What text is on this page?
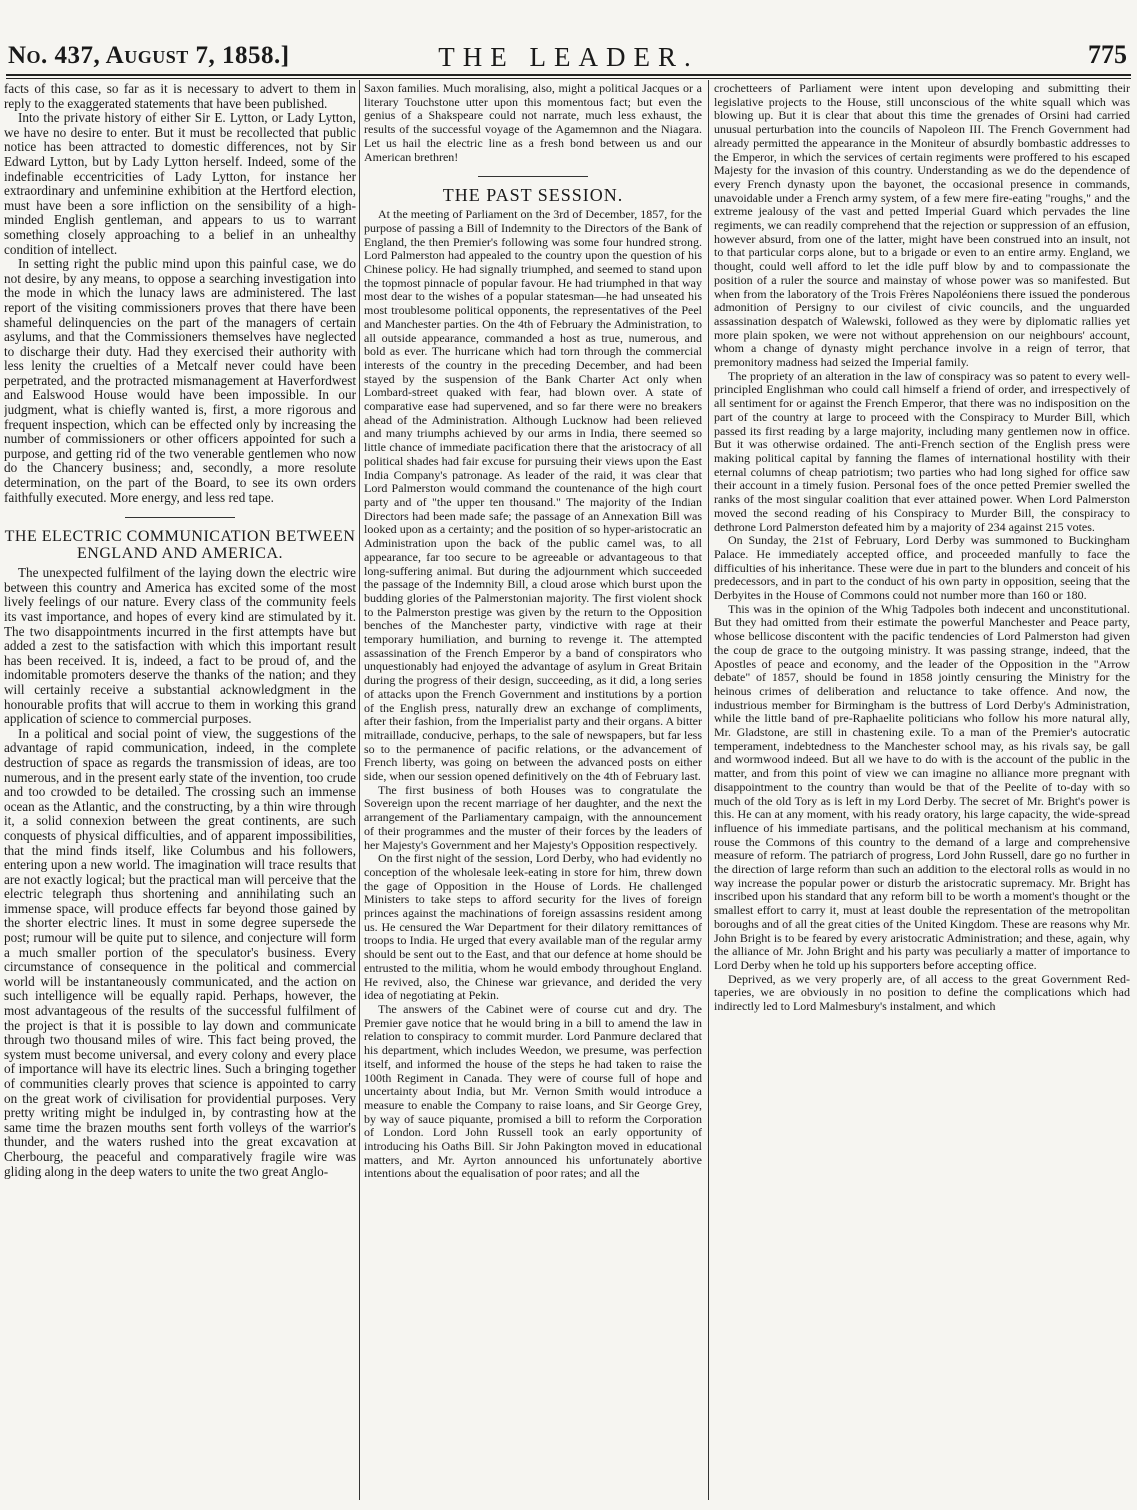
No. 437, August 7, 1858.]	THE LEADER.	775

facts of this case, so far as it is necessary to advert to them in reply to the exaggerated statements that have been published.

Into the private history of either Sir E. Lytton, or Lady Lytton, we have no desire to enter. But it must be recollected that public notice has been attracted to domestic differences, not by Sir Edward Lytton, but by Lady Lytton herself. Indeed, some of the indefinable eccentricities of Lady Lytton, for instance her extraordinary and unfeminine exhibition at the Hertford election, must have been a sore infliction on the sensibility of a high-minded English gentleman, and appears to us to warrant something closely approaching to a belief in an unhealthy condition of intellect.

In setting right the public mind upon this painful case, we do not desire, by any means, to oppose a searching investigation into the mode in which the lunacy laws are administered. The last report of the visiting commissioners proves that there have been shameful delinquencies on the part of the managers of certain asylums, and that the Commissioners themselves have neglected to discharge their duty. Had they exercised their authority with less lenity the cruelties of a Metcalf never could have been perpetrated, and the protracted mismanagement at Haverfordwest and Ealswood House would have been impossible. In our judgment, what is chiefly wanted is, first, a more rigorous and frequent inspection, which can be effected only by increasing the number of commissioners or other officers appointed for such a purpose, and getting rid of the two venerable gentlemen who now do the Chancery business; and, secondly, a more resolute determination, on the part of the Board, to see its own orders faithfully executed. More energy, and less red tape.

THE ELECTRIC COMMUNICATION BETWEEN ENGLAND AND AMERICA.

The unexpected fulfilment of the laying down the electric wire between this country and America has excited some of the most lively feelings of our nature. Every class of the community feels its vast importance, and hopes of every kind are stimulated by it. The two disappointments incurred in the first attempts have but added a zest to the satisfaction with which this important result has been received. It is, indeed, a fact to be proud of, and the indomitable promoters deserve the thanks of the nation; and they will certainly receive a substantial acknowledgment in the honourable profits that will accrue to them in working this grand application of science to commercial purposes.

In a political and social point of view, the suggestions of the advantage of rapid communication, indeed, in the complete destruction of space as regards the transmission of ideas, are too numerous, and in the present early state of the invention, too crude and too crowded to be detailed. The crossing such an immense ocean as the Atlantic, and the constructing, by a thin wire through it, a solid connexion between the great continents, are such conquests of physical difficulties, and of apparent impossibilities, that the mind finds itself, like Columbus and his followers, entering upon a new world. The imagination will trace results that are not exactly logical; but the practical man will perceive that the electric telegraph thus shortening and annihilating such an immense space, will produce effects far beyond those gained by the shorter electric lines. It must in some degree supersede the post; rumour will be quite put to silence, and conjecture will form a much smaller portion of the speculator's business. Every circumstance of consequence in the political and commercial world will be instantaneously communicated, and the action on such intelligence will be equally rapid. Perhaps, however, the most advantageous of the results of the successful fulfilment of the project is that it is possible to lay down and communicate through two thousand miles of wire. This fact being proved, the system must become universal, and every colony and every place of importance will have its electric lines. Such a bringing together of communities clearly proves that science is appointed to carry on the great work of civilisation for providential purposes. Very pretty writing might be indulged in, by contrasting how at the same time the brazen mouths sent forth volleys of the warrior's thunder, and the waters rushed into the great excavation at Cherbourg, the peaceful and comparatively fragile wire was gliding along in the deep waters to unite the two great Anglo-

Saxon families. Much moralising, also, might a political Jacques or a literary Touchstone utter upon this momentous fact; but even the genius of a Shakspeare could not narrate, much less exhaust, the results of the successful voyage of the Agamemnon and the Niagara. Let us hail the electric line as a fresh bond between us and our American brethren!

THE PAST SESSION.

At the meeting of Parliament on the 3rd of December, 1857, for the purpose of passing a Bill of Indemnity to the Directors of the Bank of England, the then Premier's following was some four hundred strong. Lord Palmerston had appealed to the country upon the question of his Chinese policy. He had signally triumphed, and seemed to stand upon the topmost pinnacle of popular favour. He had triumphed in that way most dear to the wishes of a popular statesman—he had unseated his most troublesome political opponents, the representatives of the Peel and Manchester parties. On the 4th of February the Administration, to all outside appearance, commanded a host as true, numerous, and bold as ever. The hurricane which had torn through the commercial interests of the country in the preceding December, and had been stayed by the suspension of the Bank Charter Act only when Lombard-street quaked with fear, had blown over. A state of comparative ease had supervened, and so far there were no breakers ahead of the Administration. Although Lucknow had been relieved and many triumphs achieved by our arms in India, there seemed so little chance of immediate pacification there that the aristocracy of all political shades had fair excuse for pursuing their views upon the East India Company's patronage. As leader of the raid, it was clear that Lord Palmerston would command the countenance of the high court party and of "the upper ten thousand." The majority of the Indian Directors had been made safe; the passage of an Annexation Bill was looked upon as a certainty; and the position of so hyper-aristocratic an Administration upon the back of the public camel was, to all appearance, far too secure to be agreeable or advantageous to that long-suffering animal. But during the adjournment which succeeded the passage of the Indemnity Bill, a cloud arose which burst upon the budding glories of the Palmerstonian majority. The first violent shock to the Palmerston prestige was given by the return to the Opposition benches of the Manchester party, vindictive with rage at their temporary humiliation, and burning to revenge it. The attempted assassination of the French Emperor by a band of conspirators who unquestionably had enjoyed the advantage of asylum in Great Britain during the progress of their design, succeeding, as it did, a long series of attacks upon the French Government and institutions by a portion of the English press, naturally drew an exchange of compliments, after their fashion, from the Imperialist party and their organs. A bitter mitraillade, conducive, perhaps, to the sale of newspapers, but far less so to the permanence of pacific relations, or the advancement of French liberty, was going on between the advanced posts on either side, when our session opened definitively on the 4th of February last.

The first business of both Houses was to congratulate the Sovereign upon the recent marriage of her daughter, and the next the arrangement of the Parliamentary campaign, with the announcement of their programmes and the muster of their forces by the leaders of her Majesty's Government and her Majesty's Opposition respectively.

On the first night of the session, Lord Derby, who had evidently no conception of the wholesale leek-eating in store for him, threw down the gage of Opposition in the House of Lords. He challenged Ministers to take steps to afford security for the lives of foreign princes against the machinations of foreign assassins resident among us. He censured the War Department for their dilatory remittances of troops to India. He urged that every available man of the regular army should be sent out to the East, and that our defence at home should be entrusted to the militia, whom he would embody throughout England. He revived, also, the Chinese war grievance, and derided the very idea of negotiating at Pekin.

The answers of the Cabinet were of course cut and dry. The Premier gave notice that he would bring in a bill to amend the law in relation to conspiracy to commit murder. Lord Panmure declared that his department, which includes Weedon, we presume, was perfection itself, and informed the house of the steps he had taken to raise the 100th Regiment in Canada. They were of course full of hope and uncertainty about India, but Mr. Vernon Smith would introduce a measure to enable the Company to raise loans, and Sir George Grey, by way of sauce piquante, promised a bill to reform the Corporation of London. Lord John Russell took an early opportunity of introducing his Oaths Bill. Sir John Pakington moved in educational matters, and Mr. Ayrton announced his unfortunately abortive intentions about the equalisation of poor rates; and all the

crochetteers of Parliament were intent upon developing and submitting their legislative projects to the House, still unconscious of the white squall which was blowing up. But it is clear that about this time the grenades of Orsini had carried unusual perturbation into the councils of Napoleon III. The French Government had already permitted the appearance in the Moniteur of absurdly bombastic addresses to the Emperor, in which the services of certain regiments were proffered to his escaped Majesty for the invasion of this country. Understanding as we do the dependence of every French dynasty upon the bayonet, the occasional presence in commands, unavoidable under a French army system, of a few mere fire-eating "roughs," and the extreme jealousy of the vast and petted Imperial Guard which pervades the line regiments, we can readily comprehend that the rejection or suppression of an effusion, however absurd, from one of the latter, might have been construed into an insult, not to that particular corps alone, but to a brigade or even to an entire army. England, we thought, could well afford to let the idle puff blow by and to compassionate the position of a ruler the source and mainstay of whose power was so manifested. But when from the laboratory of the Trois Frères Napoléoniens there issued the ponderous admonition of Persigny to our civilest of civic councils, and the unguarded assassination despatch of Walewski, followed as they were by diplomatic rallies yet more plain spoken, we were not without apprehension on our neighbours' account, whom a change of dynasty might perchance involve in a reign of terror, that premonitory madness had seized the Imperial family.

The propriety of an alteration in the law of conspiracy was so patent to every well-principled Englishman who could call himself a friend of order, and irrespectively of all sentiment for or against the French Emperor, that there was no indisposition on the part of the country at large to proceed with the Conspiracy to Murder Bill, which passed its first reading by a large majority, including many gentlemen now in office. But it was otherwise ordained. The anti-French section of the English press were making political capital by fanning the flames of international hostility with their eternal columns of cheap patriotism; two parties who had long sighed for office saw their account in a timely fusion. Personal foes of the once petted Premier swelled the ranks of the most singular coalition that ever attained power. When Lord Palmerston moved the second reading of his Conspiracy to Murder Bill, the conspiracy to dethrone Lord Palmerston defeated him by a majority of 234 against 215 votes.

On Sunday, the 21st of February, Lord Derby was summoned to Buckingham Palace. He immediately accepted office, and proceeded manfully to face the difficulties of his inheritance. These were due in part to the blunders and conceit of his predecessors, and in part to the conduct of his own party in opposition, seeing that the Derbyites in the House of Commons could not number more than 160 or 180.

This was in the opinion of the Whig Tadpoles both indecent and unconstitutional. But they had omitted from their estimate the powerful Manchester and Peace party, whose bellicose discontent with the pacific tendencies of Lord Palmerston had given the coup de grace to the outgoing ministry. It was passing strange, indeed, that the Apostles of peace and economy, and the leader of the Opposition in the "Arrow debate" of 1857, should be found in 1858 jointly censuring the Ministry for the heinous crimes of deliberation and reluctance to take offence. And now, the industrious member for Birmingham is the buttress of Lord Derby's Administration, while the little band of pre-Raphaelite politicians who follow his more natural ally, Mr. Gladstone, are still in chastening exile. To a man of the Premier's autocratic temperament, indebtedness to the Manchester school may, as his rivals say, be gall and wormwood indeed. But all we have to do with is the account of the public in the matter, and from this point of view we can imagine no alliance more pregnant with disappointment to the country than would be that of the Peelite of to-day with so much of the old Tory as is left in my Lord Derby. The secret of Mr. Bright's power is this. He can at any moment, with his ready oratory, his large capacity, the wide-spread influence of his immediate partisans, and the political mechanism at his command, rouse the Commons of this country to the demand of a large and comprehensive measure of reform. The patriarch of progress, Lord John Russell, dare go no further in the direction of large reform than such an addition to the electoral rolls as would in no way increase the popular power or disturb the aristocratic supremacy. Mr. Bright has inscribed upon his standard that any reform bill to be worth a moment's thought or the smallest effort to carry it, must at least double the representation of the metropolitan boroughs and of all the great cities of the United Kingdom. These are reasons why Mr. John Bright is to be feared by every aristocratic Administration; and these, again, why the alliance of Mr. John Bright and his party was peculiarly a matter of importance to Lord Derby when he told up his supporters before accepting office.

Deprived, as we very properly are, of all access to the great Government Red-taperies, we are obviously in no position to define the complications which had indirectly led to Lord Malmesbury's instalment, and which
